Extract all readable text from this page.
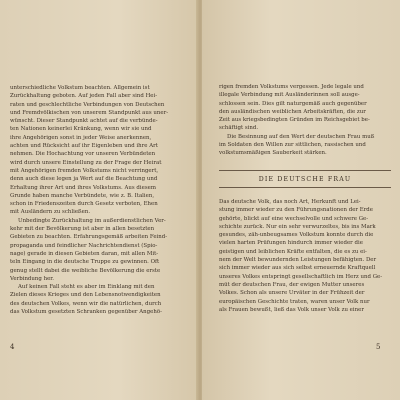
unterschiedliche Volkstum beachten. Allgemein ist
Zurückhaltung geboten. Auf jeden Fall aber sind Hei-
raten und geschlechtliche Verbindungen von Deutschen
und Fremdvölkischen von unserem Standpunkt aus uner-
wünscht. Dieser Standpunkt achtet auf die verbünde-
ten Nationen keinerlei Kränkung, wenn wir sie und
ihre Angehörigen sonst in jeder Weise anerkennen,
achten und Rücksicht auf ihr Eigenleben und ihre Art
nehmen. Die Hochachtung vor unseren Verbündeten
wird durch unsere Einstellung zu der Frage der Heirat
mit Angehörigen fremden Volkstums nicht verringert,
denn auch diese legen ja Wert auf die Beachtung und
Erhaltung ihrer Art und ihres Volkstums. Aus diesem
Grunde haben manche Verbündete, wie z. B. Italien,
schon in Friedenszeiten durch Gesetz verboten, Ehen
mit Ausländern zu schließen.
Unbedingte Zurückhaltung im außerdienstlichen Ver-
kehr mit der Bevölkerung ist aber in allen besetzten
Gebieten zu beachten. Erfahrungsgemäß arbeiten Feind-
propaganda und feindlicher Nachrichtendienst (Spio-
nage) gerade in diesen Gebieten daran, mit allen Mit-
teln Eingang in die deutsche Truppe zu gewinnen. Oft
genug stellt dabei die weibliche Bevölkerung die erste
Verbindung her.
Auf keinen Fall steht es aber im Einklang mit den
Zielen dieses Krieges und den Lebensnotwendigkeiten
des deutschen Volkes, wenn wir die natürlichen, durch
das Volkstum gesetzten Schranken gegenüber Angehö-
4
rigen fremden Volkstums vergessen. Jede legale und
illegale Verbindung mit Ausländerinnen soll ausge-
schlossen sein. Dies gilt naturgemäß auch gegenüber
den ausländischen weiblichen Arbeitskräften, die zur
Zeit aus kriegsbedingten Gründen im Reichsgebiet be-
schäftigt sind.
Die Besinnung auf den Wert der deutschen Frau muß
im Soldaten den Willen zur sittlichen, rassischen und
volkstumsmäßigen Sauberkeit stärken.
DIE DEUTSCHE FRAU
Das deutsche Volk, das noch Art, Herkunft und Lei-
stung immer wieder zu den Führungsnationen der Erde
gehörte, blickt auf eine wechselvolle und schwere Ge-
schichte zurück. Nur ein sehr verwurzeltes, bis ins Mark
gesundes, zäh-unbeugsames Volkstum konnte durch die
vielen harten Prüfungen hindurch immer wieder die
geistigen und leiblichen Kräfte entfalten, die es zu ei-
nem der Welt bewundernden Leistungen befähigten. Der
sich immer wieder aus sich selbst erneuernde Kraftquell
unseres Volkes entspringt gesellschaftlich im Herz und Ge-
müt der deutschen Frau, der ewigen Mutter unseres
Volkes. Schon als unsere Urväter in der Frühzeit der
europäischen Geschichte traten, waren unser Volk nur
als Frauen bewußt, ließ das Volk unser Volk zu einer
5
